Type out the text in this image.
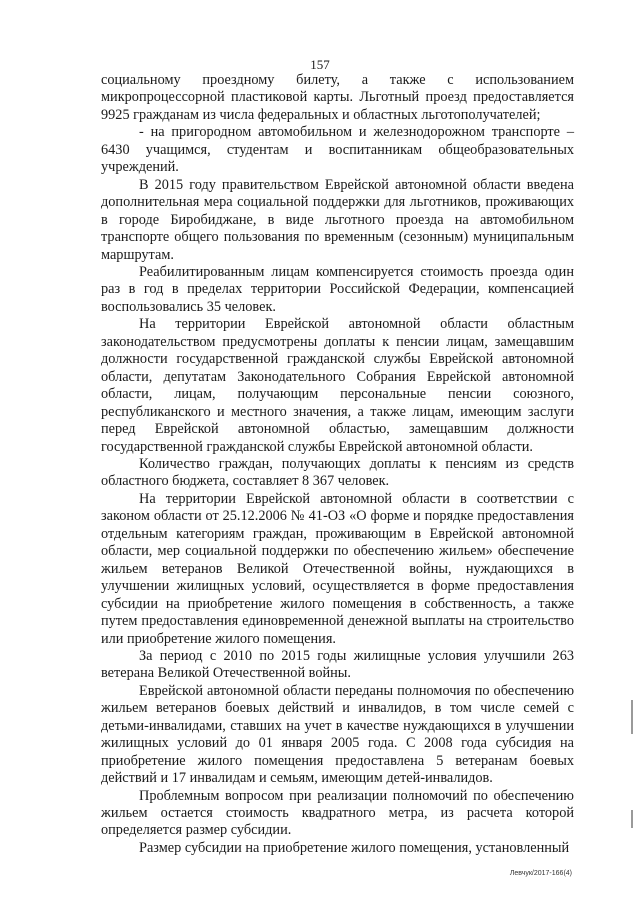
157

социальному проездному билету, а также с использованием микропроцессорной пластиковой карты. Льготный проезд предоставляется 9925 гражданам из числа федеральных и областных льготополучателей;

- на пригородном автомобильном и железнодорожном транспорте – 6430 учащимся, студентам и воспитанникам общеобразовательных учреждений.

В 2015 году правительством Еврейской автономной области введена дополнительная мера социальной поддержки для льготников, проживающих в городе Биробиджане, в виде льготного проезда на автомобильном транспорте общего пользования по временным (сезонным) муниципальным маршрутам.

Реабилитированным лицам компенсируется стоимость проезда один раз в год в пределах территории Российской Федерации, компенсацией воспользовались 35 человек.

На территории Еврейской автономной области областным законодательством предусмотрены доплаты к пенсии лицам, замещавшим должности государственной гражданской службы Еврейской автономной области, депутатам Законодательного Собрания Еврейской автономной области, лицам, получающим персональные пенсии союзного, республиканского и местного значения, а также лицам, имеющим заслуги перед Еврейской автономной областью, замещавшим должности государственной гражданской службы Еврейской автономной области.

Количество граждан, получающих доплаты к пенсиям из средств областного бюджета, составляет 8 367 человек.

На территории Еврейской автономной области в соответствии с законом области от 25.12.2006 № 41-ОЗ «О форме и порядке предоставления отдельным категориям граждан, проживающим в Еврейской автономной области, мер социальной поддержки по обеспечению жильем» обеспечение жильем ветеранов Великой Отечественной войны, нуждающихся в улучшении жилищных условий, осуществляется в форме предоставления субсидии на приобретение жилого помещения в собственность, а также путем предоставления единовременной денежной выплаты на строительство или приобретение жилого помещения.

За период с 2010 по 2015 годы жилищные условия улучшили 263 ветерана Великой Отечественной войны.

Еврейской автономной области переданы полномочия по обеспечению жильем ветеранов боевых действий и инвалидов, в том числе семей с детьми-инвалидами, ставших на учет в качестве нуждающихся в улучшении жилищных условий до 01 января 2005 года. С 2008 года субсидия на приобретение жилого помещения предоставлена 5 ветеранам боевых действий и 17 инвалидам и семьям, имеющим детей-инвалидов.

Проблемным вопросом при реализации полномочий по обеспечению жильем остается стоимость квадратного метра, из расчета которой определяется размер субсидии.

Размер субсидии на приобретение жилого помещения, установленный

Левчук/2017-166(4)
